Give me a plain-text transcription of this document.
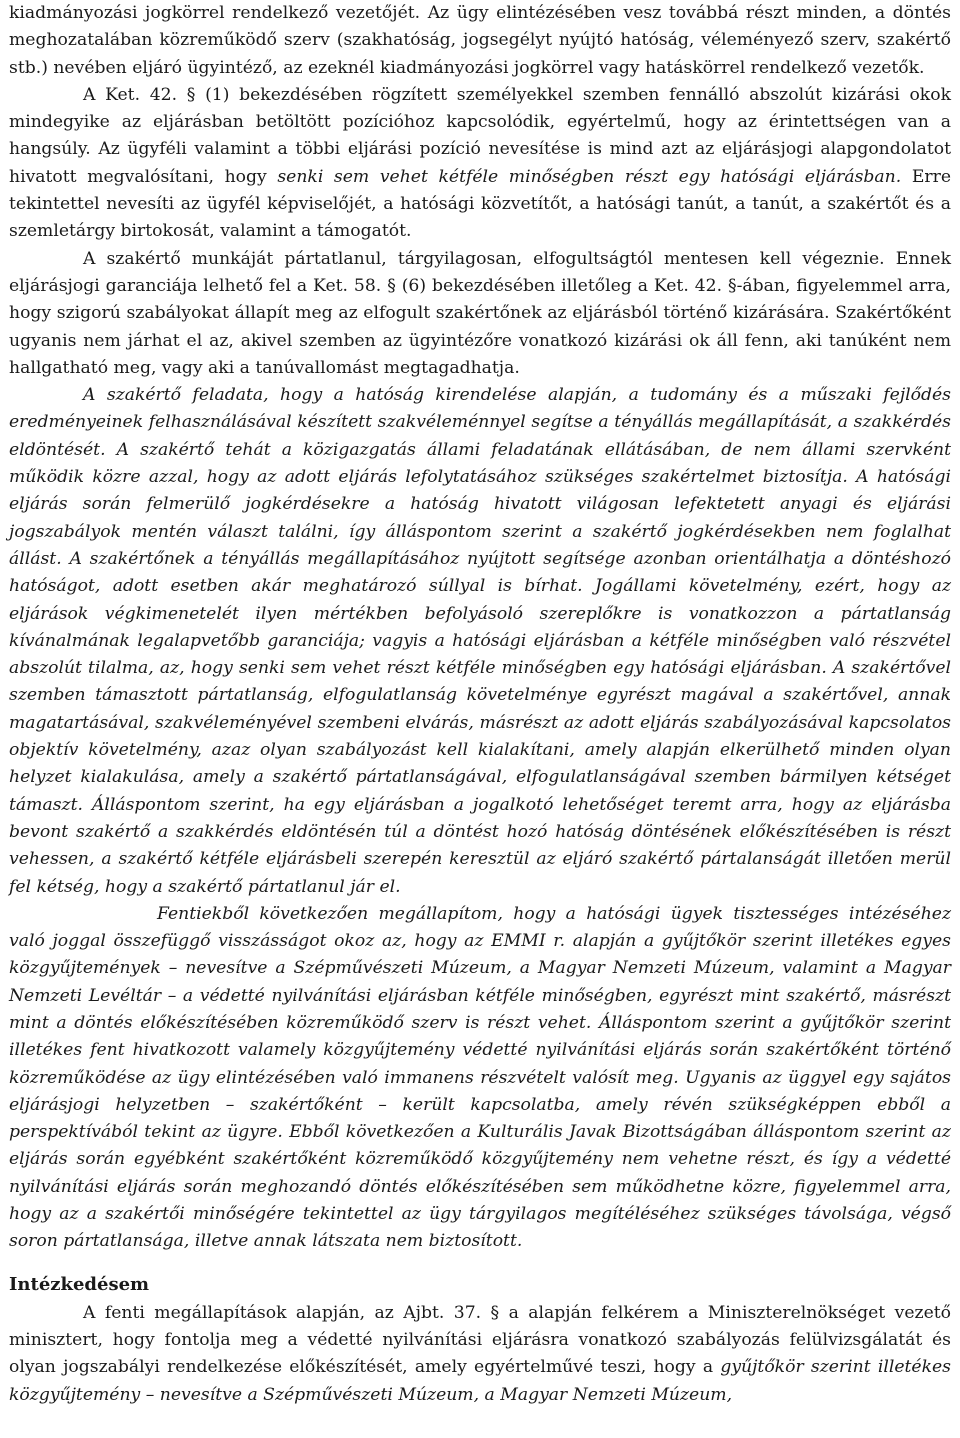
kiadmányozási jogkörrel rendelkező vezetőjét. Az ügy elintézésében vesz továbbá részt minden, a döntés meghozatalában közreműködő szerv (szakhatóság, jogsegélyt nyújtó hatóság, véleményező szerv, szakértő stb.) nevében eljáró ügyintéző, az ezeknél kiadmányozási jogkörrel vagy hatáskörrel rendelkező vezetők.

A Ket. 42. § (1) bekezdésében rögzített személyekkel szemben fennálló abszolút kizárási okok mindegyike az eljárásban betöltött pozícióhoz kapcsolódik, egyértelmű, hogy az érintettségen van a hangsúly. Az ügyféli valamint a többi eljárási pozíció nevesítése is mind azt az eljárásjogi alapgondolatot hivatott megvalósítani, hogy senki sem vehet kétféle minőségben részt egy hatósági eljárásban. Erre tekintettel nevesíti az ügyfél képviselőjét, a hatósági közvetítőt, a hatósági tanút, a tanút, a szakértőt és a szemletárgy birtokosát, valamint a támogatót.

A szakértő munkáját pártatlanul, tárgyilagosan, elfogultságtól mentesen kell végeznie. Ennek eljárásjogi garanciája lelhető fel a Ket. 58. § (6) bekezdésében illetőleg a Ket. 42. §-ában, figyelemmel arra, hogy szigorú szabályokat állapít meg az elfogult szakértőnek az eljárásból történő kizárására. Szakértőként ugyanis nem járhat el az, akivel szemben az ügyintézőre vonatkozó kizárási ok áll fenn, aki tanúként nem hallgatható meg, vagy aki a tanúvallomást megtagadhatja.

A szakértő feladata, hogy a hatóság kirendelése alapján, a tudomány és a műszaki fejlődés eredményeinek felhasználásával készített szakvéleménnyel segítse a tényállás megállapítását, a szakkérdés eldöntését. A szakértő tehát a közigazgatás állami feladatának ellátásában, de nem állami szervként működik közre azzal, hogy az adott eljárás lefolytatásához szükséges szakértelmet biztosítja. A hatósági eljárás során felmerülő jogkérdésekre a hatóság hivatott világosan lefektetett anyagi és eljárási jogszabályok mentén választ találni, így álláspontom szerint a szakértő jogkérdésekben nem foglalhat állást. A szakértőnek a tényállás megállapításához nyújtott segítsége azonban orientálhatja a döntéshozó hatóságot, adott esetben akár meghatározó súllyal is bírhat. Jogállami követelmény, ezért, hogy az eljárások végkimenetelét ilyen mértékben befolyásoló szereplőkre is vonatkozzon a pártatlanság kívánalmának legalapvetőbb garanciája; vagyis a hatósági eljárásban a kétféle minőségben való részvétel abszolút tilalma, az, hogy senki sem vehet részt kétféle minőségben egy hatósági eljárásban. A szakértővel szemben támasztott pártatlanság, elfogulatlanság követelménye egyrészt magával a szakértővel, annak magatartásával, szakvéleményével szembeni elvárás, másrészt az adott eljárás szabályozásával kapcsolatos objektív követelmény, azaz olyan szabályozást kell kialakítani, amely alapján elkerülhető minden olyan helyzet kialakulása, amely a szakértő pártatlanságával, elfogulatlanságával szemben bármilyen kétséget támaszt. Álláspontom szerint, ha egy eljárásban a jogalkotó lehetőséget teremt arra, hogy az eljárásba bevont szakértő a szakkérdés eldöntésén túl a döntést hozó hatóság döntésének előkészítésében is részt vehessen, a szakértő kétféle eljárásbeli szerepén keresztül az eljáró szakértő pártalanságát illetően merül fel kétség, hogy a szakértő pártatlanul jár el.

Fentiekből következően megállapítom, hogy a hatósági ügyek tisztességes intézéséhez való joggal összefüggő visszásságot okoz az, hogy az EMMI r. alapján a gyűjtőkör szerint illetékes egyes közgyűjtemények – nevesítve a Szépművészeti Múzeum, a Magyar Nemzeti Múzeum, valamint a Magyar Nemzeti Levéltár – a védetté nyilvánítási eljárásban kétféle minőségben, egyrészt mint szakértő, másrészt mint a döntés előkészítésében közreműködő szerv is részt vehet. Álláspontom szerint a gyűjtőkör szerint illetékes fent hivatkozott valamely közgyűjtemény védetté nyilvánítási eljárás során szakértőként történő közreműködése az ügy elintézésében való immanens részvételt valósít meg. Ugyanis az üggyel egy sajátos eljárásjogi helyzetben – szakértőként – került kapcsolatba, amely révén szükségképpen ebből a perspektívából tekint az ügyre. Ebből következően a Kulturális Javak Bizottságában álláspontom szerint az eljárás során egyébként szakértőként közreműködő közgyűjtemény nem vehetne részt, és így a védetté nyilvánítási eljárás során meghozandó döntés előkészítésében sem működhetne közre, figyelemmel arra, hogy az a szakértői minőségére tekintettel az ügy tárgyilagos megítéléséhez szükséges távolsága, végső soron pártatlansága, illetve annak látszata nem biztosított.

Intézkedésem

A fenti megállapítások alapján, az Ajbt. 37. § a alapján felkérem a Miniszterelnökséget vezető minisztert, hogy fontolja meg a védetté nyilvánítási eljárásra vonatkozó szabályozás felülvizsgálatát és olyan jogszabályi rendelkezése előkészítését, amely egyértelművé teszi, hogy a gyűjtőkör szerint illetékes közgyűjtemény – nevesítve a Szépművészeti Múzeum, a Magyar Nemzeti Múzeum,
